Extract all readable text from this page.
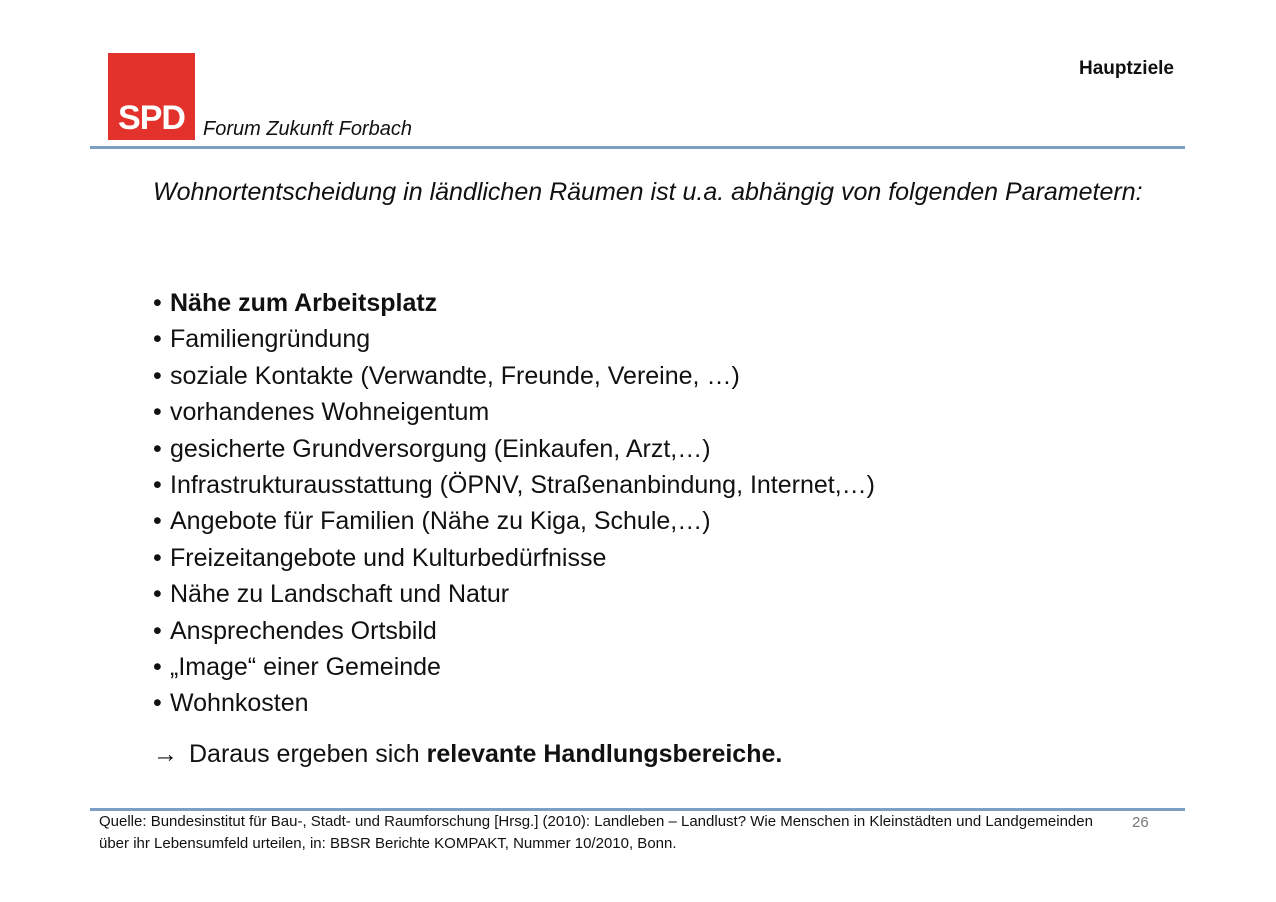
SPD Forum Zukunft Forbach
Hauptziele
Wohnortentscheidung in ländlichen Räumen ist u.a. abhängig von folgenden Parametern:
• Nähe zum Arbeitsplatz
• Familiengründung
• soziale Kontakte (Verwandte, Freunde, Vereine, …)
• vorhandenes Wohneigentum
• gesicherte Grundversorgung (Einkaufen, Arzt,…)
• Infrastrukturausstattung (ÖPNV, Straßenanbindung, Internet,…)
• Angebote für Familien (Nähe zu Kiga, Schule,…)
• Freizeitangebote und Kulturbedürfnisse
• Nähe zu Landschaft und Natur
• Ansprechendes Ortsbild
• „Image“ einer Gemeinde
• Wohnkosten
→ Daraus ergeben sich relevante Handlungsbereiche.
Quelle: Bundesinstitut für Bau-, Stadt- und Raumforschung [Hrsg.] (2010): Landleben – Landlust? Wie Menschen in Kleinstädten und Landgemeinden über ihr Lebensumfeld urteilen, in: BBSR Berichte KOMPAKT, Nummer 10/2010, Bonn.
26
